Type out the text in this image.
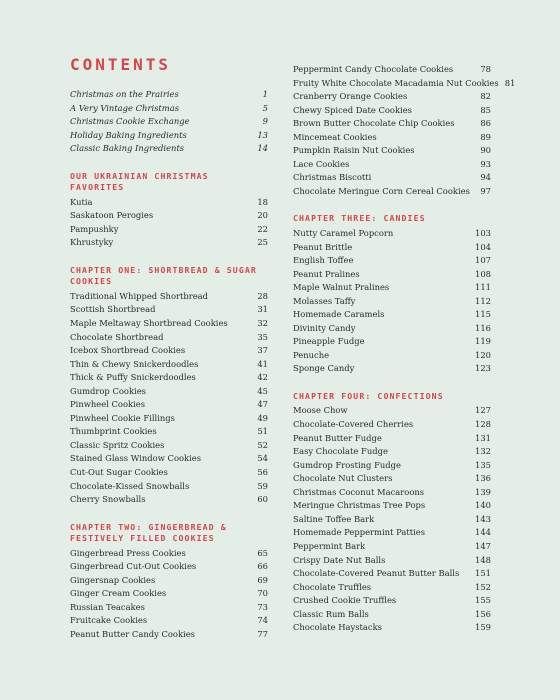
CONTENTS
Christmas on the Prairies	1
A Very Vintage Christmas	5
Christmas Cookie Exchange	9
Holiday Baking Ingredients	13
Classic Baking Ingredients	14
OUR UKRAINIAN CHRISTMAS FAVORITES
Kutia	18
Saskatoon Perogies	20
Pampushky	22
Khrustyky	25
CHAPTER ONE: SHORTBREAD & SUGAR COOKIES
Traditional Whipped Shortbread	28
Scottish Shortbread	31
Maple Meltaway Shortbread Cookies	32
Chocolate Shortbread	35
Icebox Shortbread Cookies	37
Thin & Chewy Snickerdoodles	41
Thick & Puffy Snickerdoodles	42
Gumdrop Cookies	45
Pinwheel Cookies	47
Pinwheel Cookie Fillings	49
Thumbprint Cookies	51
Classic Spritz Cookies	52
Stained Glass Window Cookies	54
Cut-Out Sugar Cookies	56
Chocolate-Kissed Snowballs	59
Cherry Snowballs	60
CHAPTER TWO: GINGERBREAD & FESTIVELY FILLED COOKIES
Gingerbread Press Cookies	65
Gingerbread Cut-Out Cookies	66
Gingersnap Cookies	69
Ginger Cream Cookies	70
Russian Teacakes	73
Fruitcake Cookies	74
Peanut Butter Candy Cookies	77
Peppermint Candy Chocolate Cookies	78
Fruity White Chocolate Macadamia Nut Cookies 81
Cranberry Orange Cookies	82
Chewy Spiced Date Cookies	85
Brown Butter Chocolate Chip Cookies	86
Mincemeat Cookies	89
Pumpkin Raisin Nut Cookies	90
Lace Cookies	93
Christmas Biscotti	94
Chocolate Meringue Corn Cereal Cookies	97
CHAPTER THREE: CANDIES
Nutty Caramel Popcorn	103
Peanut Brittle	104
English Toffee	107
Peanut Pralines	108
Maple Walnut Pralines	111
Molasses Taffy	112
Homemade Caramels	115
Divinity Candy	116
Pineapple Fudge	119
Penuche	120
Sponge Candy	123
CHAPTER FOUR: CONFECTIONS
Moose Chow	127
Chocolate-Covered Cherries	128
Peanut Butter Fudge	131
Easy Chocolate Fudge	132
Gumdrop Frosting Fudge	135
Chocolate Nut Clusters	136
Christmas Coconut Macaroons	139
Meringue Christmas Tree Pops	140
Saltine Toffee Bark	143
Homemade Peppermint Patties	144
Peppermint Bark	147
Crispy Date Nut Balls	148
Chocolate-Covered Peanut Butter Balls	151
Chocolate Truffles	152
Crushed Cookie Truffles	155
Classic Rum Balls	156
Chocolate Haystacks	159
